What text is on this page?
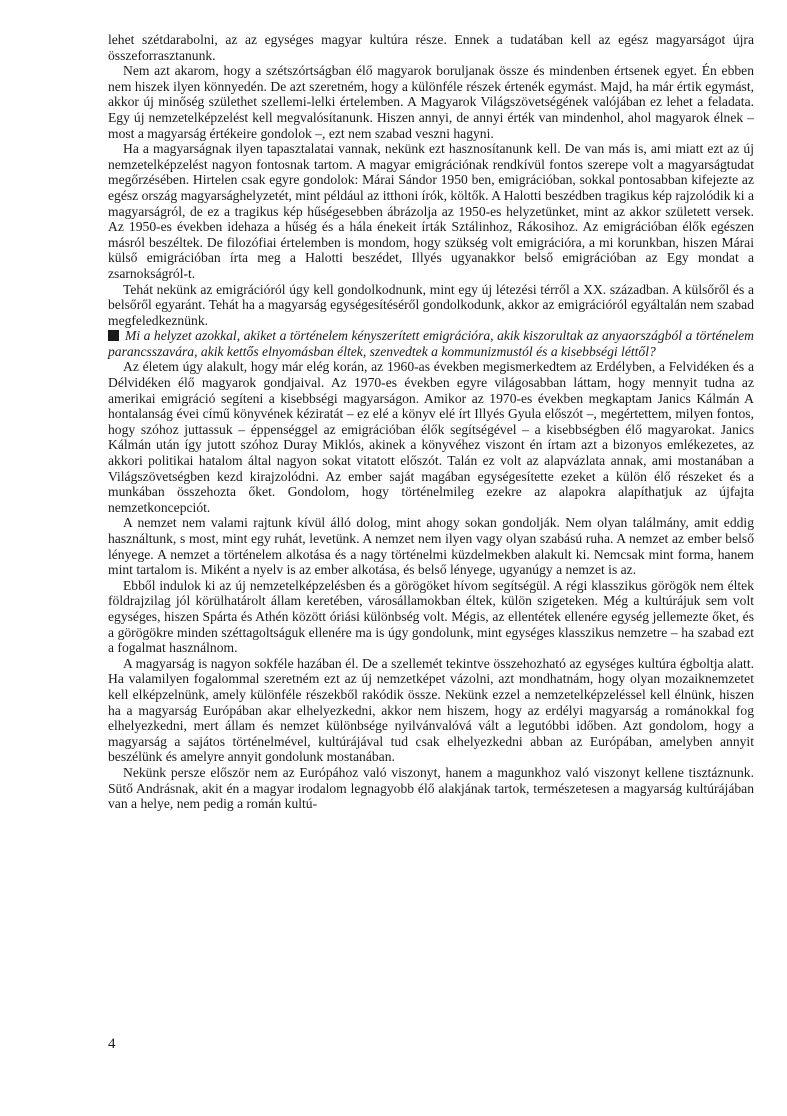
lehet szétdarabolni, az az egységes magyar kultúra része. Ennek a tudatában kell az egész magyarságot újra összeforrasztanunk.

Nem azt akarom, hogy a szétszórtságban élő magyarok boruljanak össze és mindenben értsenek egyet. Én ebben nem hiszek ilyen könnyedén. De azt szeretném, hogy a különféle részek értenék egymást. Majd, ha már értik egymást, akkor új minőség születhet szellemi-lelki értelemben. A Magyarok Világszövetségének valójában ez lehet a feladata. Egy új nemzetelképzelést kell megvalósítanunk. Hiszen annyi, de annyi érték van mindenhol, ahol magyarok élnek – most a magyarság értékeire gondolok –, ezt nem szabad veszni hagyni.

Ha a magyarságnak ilyen tapasztalatai vannak, nekünk ezt hasznosítanunk kell. De van más is, ami miatt ezt az új nemzetelképzelést nagyon fontosnak tartom. A magyar emigrációnak rendkívül fontos szerepe volt a magyarságtudat megőrzésében. Hirtelen csak egyre gondolok: Márai Sándor 1950 ben, emigrációban, sokkal pontosabban kifejezte az egész ország magyarsághelyzetét, mint például az itthoni írók, költők. A Halotti beszédben tragikus kép rajzolódik ki a magyarságról, de ez a tragikus kép hűségesebben ábrázolja az 1950-es helyzetünket, mint az akkor született versek. Az 1950-es években idehaza a hűség és a hála énekeit írták Sztálinhoz, Rákosihoz. Az emigrációban élők egészen másról beszéltek. De filozófiai értelemben is mondom, hogy szükség volt emigrációra, a mi korunkban, hiszen Márai külső emigrációban írta meg a Halotti beszédet, Illyés ugyanakkor belső emigrációban az Egy mondat a zsarnokságról-t.

Tehát nekünk az emigrációról úgy kell gondolkodnunk, mint egy új létezési térről a XX. században. A külsőről és a belsőről egyaránt. Tehát ha a magyarság egységesítéséről gondolkodunk, akkor az emigrációról egyáltalán nem szabad megfeledkeznünk.

Mi a helyzet azokkal, akiket a történelem kényszerített emigrációra, akik kiszorultak az anyaországból a történelem parancsszavára, akik kettős elnyomásban éltek, szenvedtek a kommunizmustól és a kisebbségi léttől?

Az életem úgy alakult, hogy már elég korán, az 1960-as években megismerkedtem az Erdélyben, a Felvidéken és a Délvidéken élő magyarok gondjaival. Az 1970-es években egyre világosabban láttam, hogy mennyit tudna az amerikai emigráció segíteni a kisebbségi magyarságon. Amikor az 1970-es években megkaptam Janics Kálmán A hontalanság évei című könyvének kéziratát – ez elé a könyv elé írt Illyés Gyula előszót –, megértettem, milyen fontos, hogy szóhoz juttassuk – éppenséggel az emigrációban élők segítségével – a kisebbségben élő magyarokat. Janics Kálmán után így jutott szóhoz Duray Miklós, akinek a könyvéhez viszont én írtam azt a bizonyos emlékezetes, az akkori politikai hatalom által nagyon sokat vitatott előszót. Talán ez volt az alapvázlata annak, ami mostanában a Világszövetségben kezd kirajzolódni. Az ember saját magában egységesítette ezeket a külön élő részeket és a munkában összehozta őket. Gondolom, hogy történelmileg ezekre az alapokra alapíthatjuk az újfajta nemzetkoncepciót.

A nemzet nem valami rajtunk kívül álló dolog, mint ahogy sokan gondolják. Nem olyan találmány, amit eddig használtunk, s most, mint egy ruhát, levetünk. A nemzet nem ilyen vagy olyan szabású ruha. A nemzet az ember belső lényege. A nemzet a történelem alkotása és a nagy történelmi küzdelmekben alakult ki. Nemcsak mint forma, hanem mint tartalom is. Miként a nyelv is az ember alkotása, és belső lényege, ugyanúgy a nemzet is az.

Ebből indulok ki az új nemzetelképzelésben és a görögöket hívom segítségül. A régi klasszikus görögök nem éltek földrajzilag jól körülhatárolt állam keretében, városállamokban éltek, külön szigeteken. Még a kultúrájuk sem volt egységes, hiszen Spárta és Athén között óriási különbség volt. Mégis, az ellentétek ellenére egység jellemezte őket, és a görögökre minden széttagoltságuk ellenére ma is úgy gondolunk, mint egységes klasszikus nemzetre – ha szabad ezt a fogalmat használnom.

A magyarság is nagyon sokféle hazában él. De a szellemét tekintve összehozható az egységes kultúra égboltja alatt. Ha valamilyen fogalommal szeretném ezt az új nemzetképet vázolni, azt mondhatnám, hogy olyan mozaiknemzetet kell elképzelnünk, amely különféle részekből rakódik össze. Nekünk ezzel a nemzetelképzeléssel kell élnünk, hiszen ha a magyarság Európában akar elhelyezkedni, akkor nem hiszem, hogy az erdélyi magyarság a románokkal fog elhelyezkedni, mert állam és nemzet különbsége nyilvánvalóvá vált a legutóbbi időben. Azt gondolom, hogy a magyarság a sajátos történelmével, kultúrájával tud csak elhelyezkedni abban az Európában, amelyben annyit beszélünk és amelyre annyit gondolunk mostanában.

Nekünk persze először nem az Európához való viszonyt, hanem a magunkhoz való viszonyt kellene tisztáznunk. Sütő Andrásnak, akit én a magyar irodalom legnagyobb élő alakjának tartok, természetesen a magyarság kultúrájában van a helye, nem pedig a román kultú-

4
